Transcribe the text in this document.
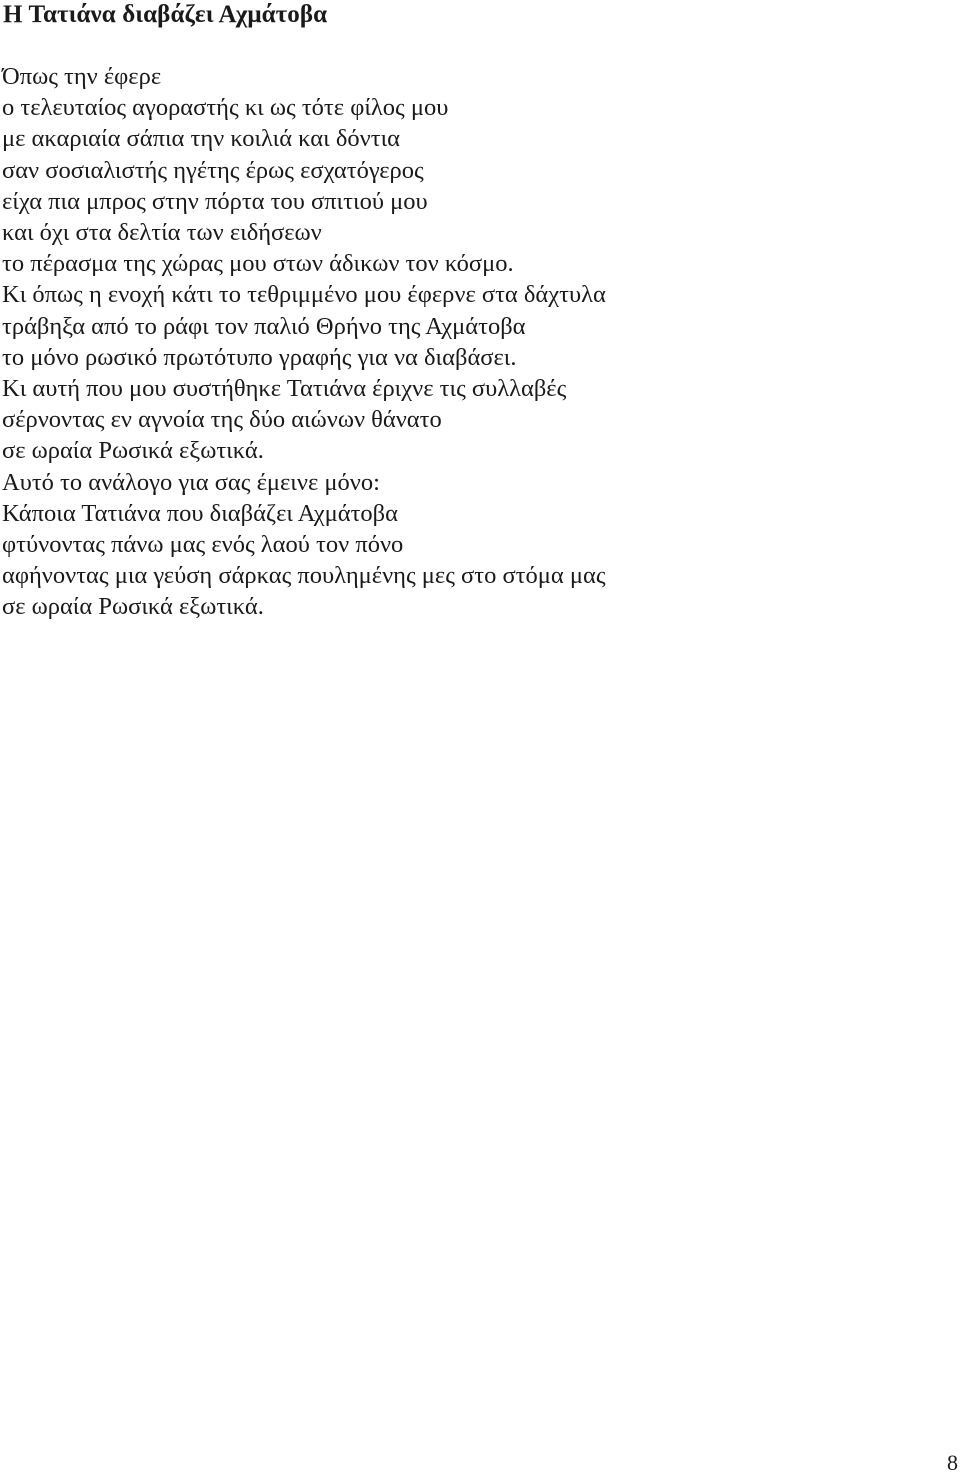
Η Τατιάνα διαβάζει Αχμάτοβα
Όπως την έφερε
ο τελευταίος αγοραστής κι ως τότε φίλος μου
με ακαριαία σάπια την κοιλιά και δόντια
σαν σοσιαλιστής ηγέτης έρως εσχατόγερος
είχα πια μπρος στην πόρτα του σπιτιού μου
και όχι στα δελτία των ειδήσεων
το πέρασμα της χώρας μου στων άδικων τον κόσμο.
Κι όπως η ενοχή κάτι το τεθριμμένο μου έφερνε στα δάχτυλα
τράβηξα από το ράφι τον παλιό Θρήνο της Αχμάτοβα
το μόνο ρωσικό πρωτότυπο γραφής για να διαβάσει.
Κι αυτή που μου συστήθηκε Τατιάνα έριχνε τις συλλαβές
σέρνοντας εν αγνοία της δύο αιώνων θάνατο
σε ωραία Ρωσικά εξωτικά.
Αυτό το ανάλογο για σας έμεινε μόνο:
Κάποια Τατιάνα που διαβάζει Αχμάτοβα
φτύνοντας πάνω μας ενός λαού τον πόνο
αφήνοντας μια γεύση σάρκας πουλημένης μες στο στόμα μας
σε ωραία Ρωσικά εξωτικά.
8
